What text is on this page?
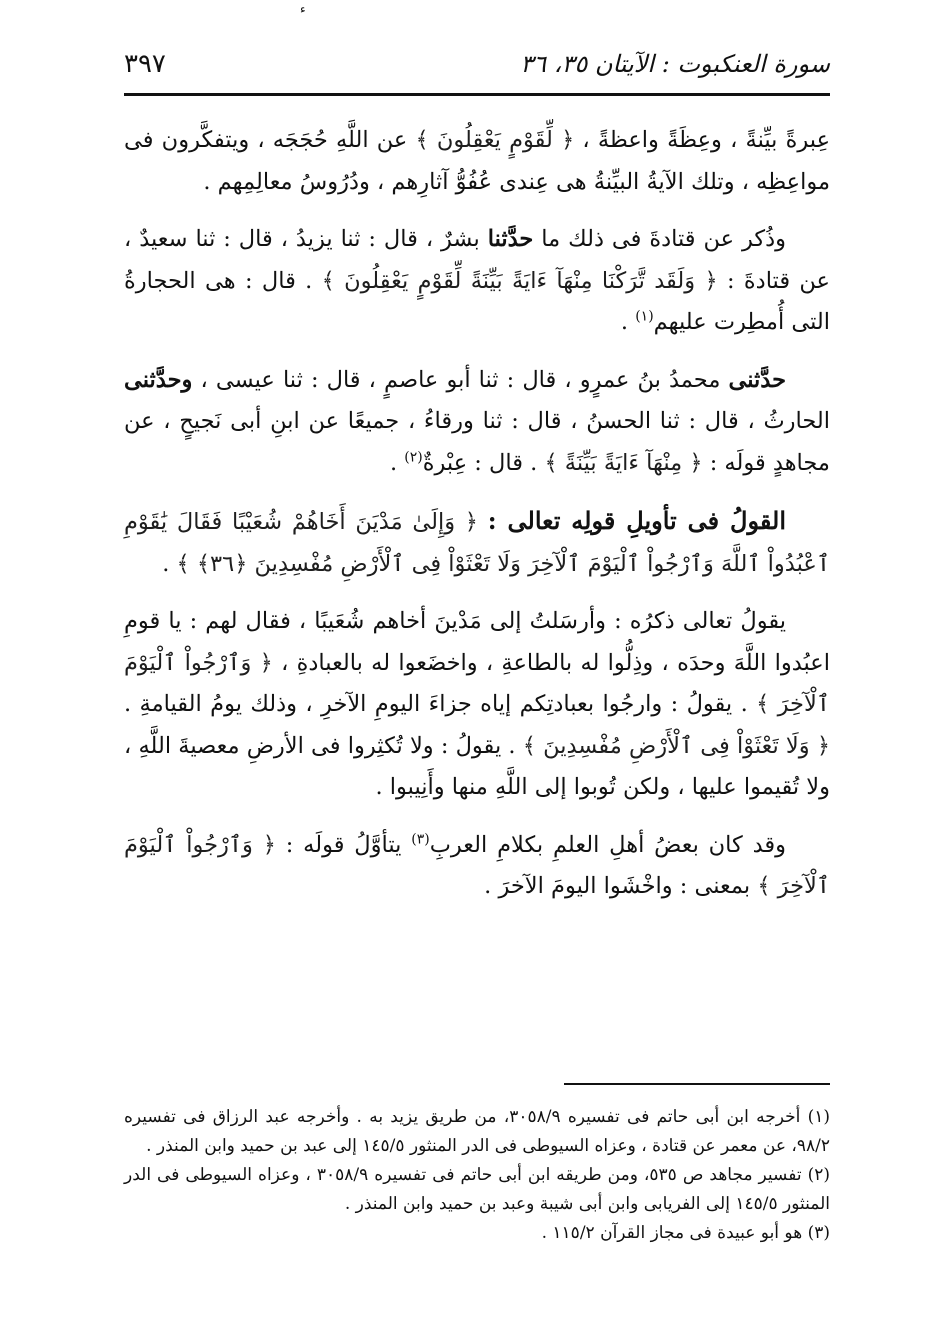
ء
سورة العنكبوت : الآيتان ٣٥، ٣٦
٣٩٧

عِبرةً بيِّنةً ، وعِظَةً واعظةً ، ﴿ لِّقَوْمٍ يَعْقِلُونَ ﴾ عن اللَّهِ حُجَجَه ، ويتفكَّرون فى مواعِظِه ، وتلك الآيةُ البيِّنةُ هى عِندى عُفُوُّ آثارِهم ، ودُرُوسُ معالِمِهم .

وذُكر عن قتادةَ فى ذلك ما حدَّثنا بشرٌ ، قال : ثنا يزيدُ ، قال : ثنا سعيدٌ ، عن قتادةَ : ﴿ وَلَقَد تَّرَكْنَا مِنْهَآ ءَايَةً بَيِّنَةً لِّقَوْمٍ يَعْقِلُونَ ﴾ . قال : هى الحجارةُ التى أُمطِرت عليهم$^{(١)}$ .

حدَّثنى محمدُ بنُ عمرٍو ، قال : ثنا أبو عاصمٍ ، قال : ثنا عيسى ، وحدَّثنى الحارثُ ، قال : ثنا الحسنُ ، قال : ثنا ورقاءُ ، جميعًا عن ابنِ أبى نَجيحٍ ، عن مجاهدٍ قولَه : ﴿ مِنْهَآ ءَايَةً بَيِّنَةً ﴾ . قال : عِبْرةٌ$^{(٢)}$ .

القولُ فى تأويلِ قولِه تعالى : ﴿ وَإِلَىٰ مَدْيَنَ أَخَاهُمْ شُعَيْبًا فَقَالَ يَٰقَوْمِ ٱعْبُدُواْ ٱللَّهَ وَٱرْجُواْ ٱلْيَوْمَ ٱلْآخِرَ وَلَا تَعْثَوْاْ فِى ٱلْأَرْضِ مُفْسِدِينَ ﴿٣٦﴾ ﴾ .

يقولُ تعالى ذكرُه : وأرسَلتُ إلى مَدْينَ أخاهم شُعَيبًا ، فقال لهم : يا قومِ اعبُدوا اللَّهَ وحدَه ، وذِلُّوا له بالطاعةِ ، واخضَعوا له بالعبادةِ ، ﴿ وَٱرْجُواْ ٱلْيَوْمَ ٱلْآخِرَ ﴾ . يقولُ : وارجُوا بعبادتِكم إياه جزاءَ اليومِ الآخرِ ، وذلك يومُ القيامةِ . ﴿ وَلَا تَعْثَوْاْ فِى ٱلْأَرْضِ مُفْسِدِينَ ﴾ . يقولُ : ولا تُكثِروا فى الأرضِ معصيةَ اللَّهِ ، ولا تُقيموا عليها ، ولكن تُوبوا إلى اللَّهِ منها وأَنِيبوا .

وقد كان بعضُ أهلِ العلمِ بكلامِ العربِ$^{(٣)}$ يتأوَّلُ قولَه : ﴿ وَٱرْجُواْ ٱلْيَوْمَ ٱلْآخِرَ ﴾ بمعنى : واخْشَوا اليومَ الآخرَ .

(١) أخرجه ابن أبى حاتم فى تفسيره ٣٠٥٨/٩، من طريق يزيد به . وأخرجه عبد الرزاق فى تفسيره ٩٨/٢، عن معمر عن قتادة ، وعزاه السيوطى فى الدر المنثور ١٤٥/٥ إلى عبد بن حميد وابن المنذر .

(٢) تفسير مجاهد ص ٥٣٥، ومن طريقه ابن أبى حاتم فى تفسيره ٣٠٥٨/٩ ، وعزاه السيوطى فى الدر المنثور ١٤٥/٥ إلى الفريابى وابن أبى شيبة وعبد بن حميد وابن المنذر .

(٣) هو أبو عبيدة فى مجاز القرآن ١١٥/٢ .
